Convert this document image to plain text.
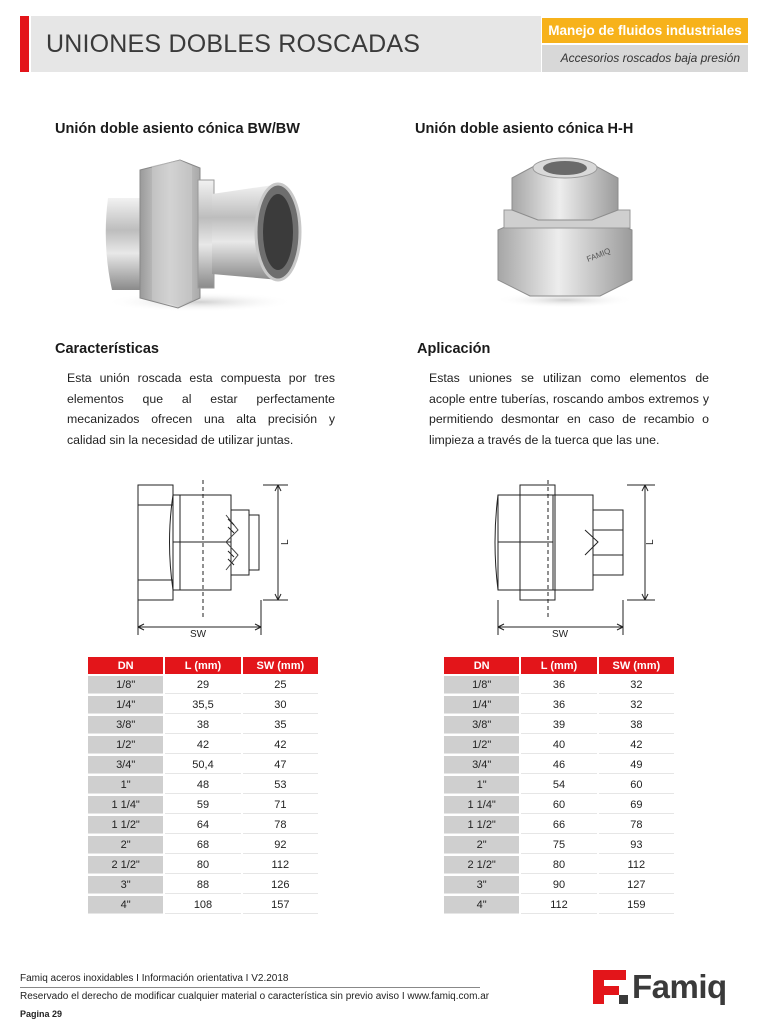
UNIONES DOBLES ROSCADAS	Manejo de fluidos industriales
Accesorios roscados baja presión
Unión doble asiento cónica BW/BW	Unión doble asiento cónica H-H
FAMIQ
Características	Aplicación
Esta unión roscada esta compuesta por tres elementos que al estar perfectamente mecanizados ofrecen una alta precisión y calidad sin la necesidad de utilizar juntas.
Estas uniones se utilizan como elementos de acople entre tuberías, roscando ambos extremos y permitiendo desmontar en caso de recambio o limpieza a través de la tuerca que las une.
L
SW
L
SW
DN	L (mm)	SW (mm)
1/8"	29	25
1/4"	35,5	30
3/8"	38	35
1/2"	42	42
3/4"	50,4	47
1"	48	53
1 1/4"	59	71
1 1/2"	64	78
2"	68	92
2 1/2"	80	112
3"	88	126
4"	108	157
DN	L (mm)	SW (mm)
1/8"	36	32
1/4"	36	32
3/8"	39	38
1/2"	40	42
3/4"	46	49
1"	54	60
1 1/4"	60	69
1 1/2"	66	78
2"	75	93
2 1/2"	80	112
3"	90	127
4"	112	159
Famiq aceros inoxidables I Información orientativa I V2.2018
Reservado el derecho de modificar cualquier material o característica sin previo aviso I www.famiq.com.ar
Pagina 29
Famiq
